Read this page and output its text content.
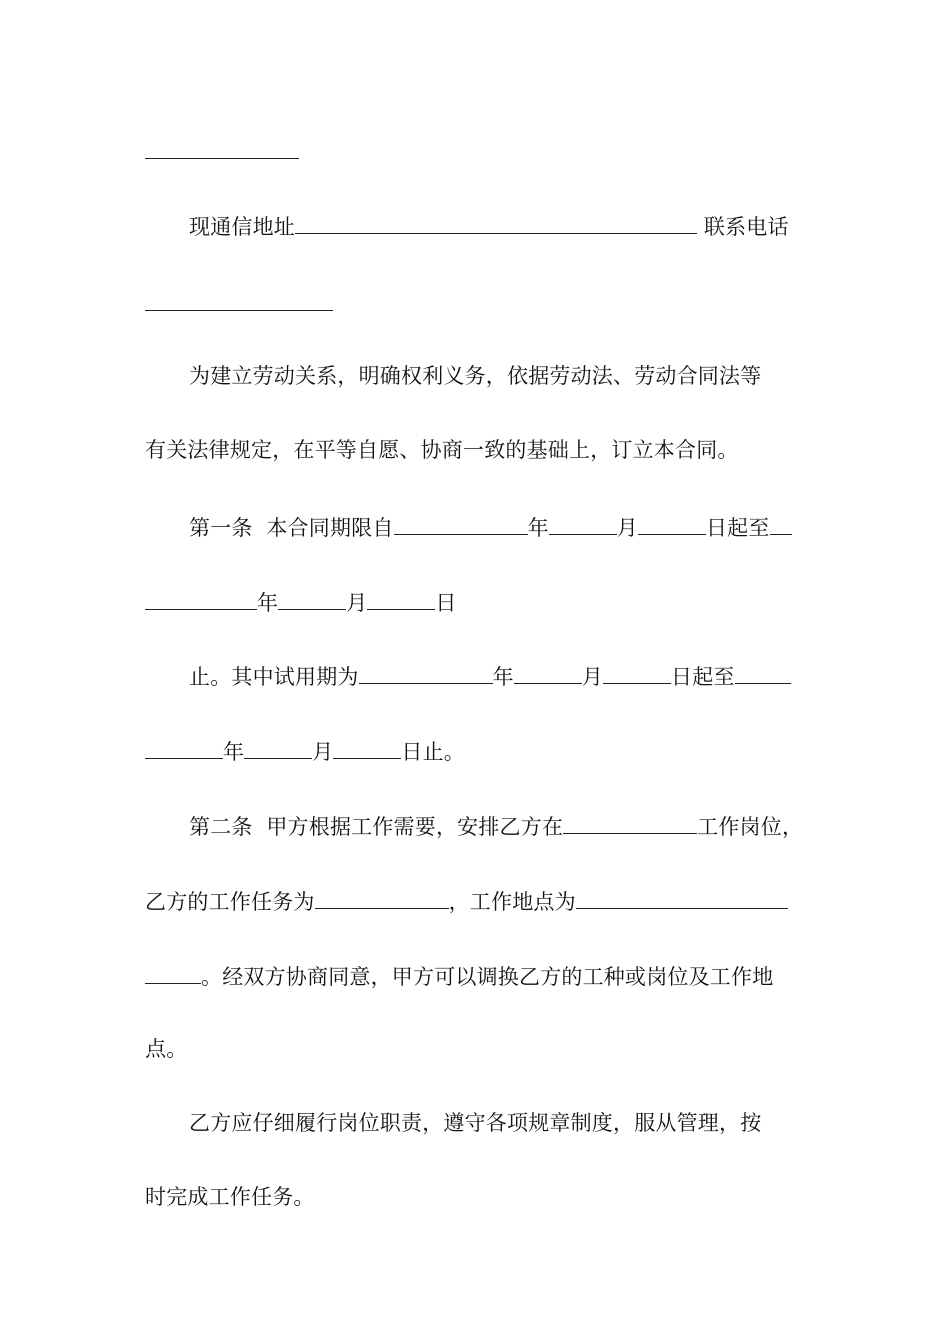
现通信地址	联系电话
为建立劳动关系，明确权利义务，依据劳动法、劳动合同法等
有关法律规定，在平等自愿、协商一致的基础上，订立本合同。
第一条  本合同期限自	年	月	日起至
年	月	日
止。其中试用期为	年	月	日起至
年	月	日止。
第二条  甲方根据工作需要，安排乙方在	工作岗位，
乙方的工作任务为	，工作地点为
。经双方协商同意，甲方可以调换乙方的工种或岗位及工作地
点。
乙方应仔细履行岗位职责，遵守各项规章制度，服从管理，按
时完成工作任务。
